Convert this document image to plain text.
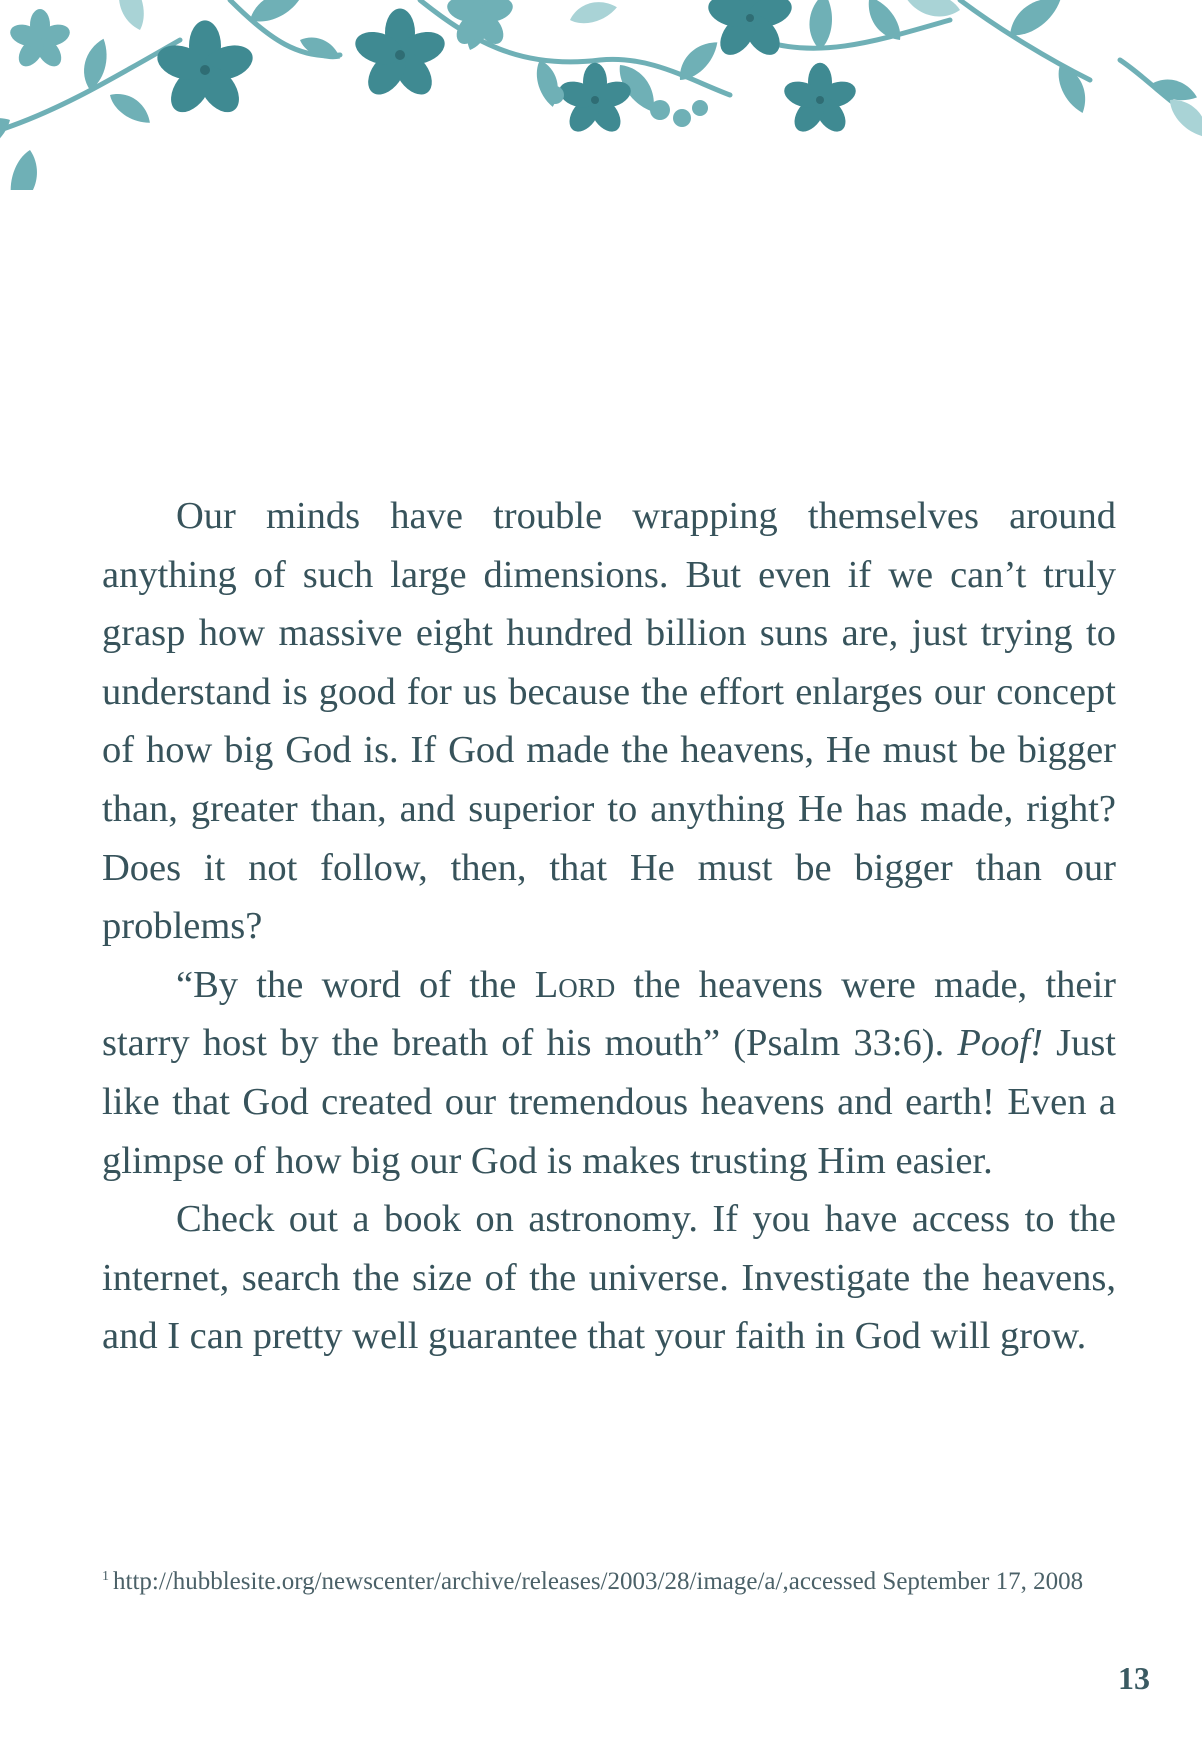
Our minds have trouble wrapping themselves around anything of such large dimensions. But even if we can’t truly grasp how massive eight hundred billion suns are, just trying to understand is good for us because the effort enlarges our concept of how big God is. If God made the heavens, He must be bigger than, greater than, and superior to anything He has made, right? Does it not follow, then, that He must be bigger than our problems?

“By the word of the Lord the heavens were made, their starry host by the breath of his mouth” (Psalm 33:6). Poof! Just like that God created our tremendous heavens and earth! Even a glimpse of how big our God is makes trusting Him easier.

Check out a book on astronomy. If you have access to the internet, search the size of the universe. Investigate the heavens, and I can pretty well guarantee that your faith in God will grow.

$^1$ http://hubblesite.org/newscenter/archive/releases/2003/28/image/a/,accessed September 17, 2008
13
